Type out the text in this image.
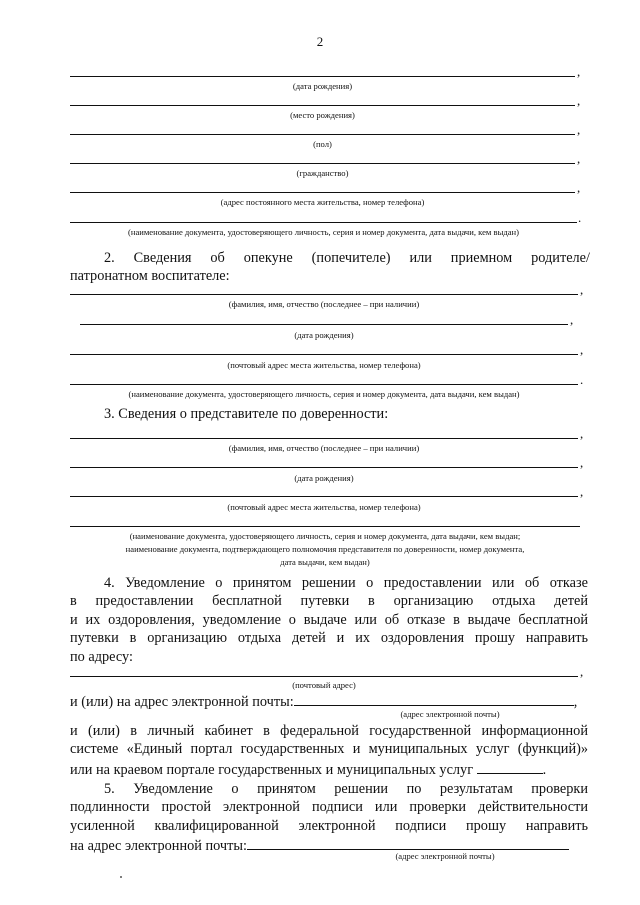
2
,
(дата рождения)
,
(место рождения)
,
(пол)
,
(гражданство)
,
(адрес постоянного места жительства, номер телефона)
.
(наименование документа, удостоверяющего личность, серия и номер документа, дата выдачи, кем выдан)
2. Сведения об опекуне (попечителе) или приемном родителе/
патронатном воспитателе:
,
(фамилия, имя, отчество (последнее – при наличии)
,
(дата рождения)
,
(почтовый адрес места жительства, номер телефона)
.
(наименование документа, удостоверяющего личность, серия и номер документа, дата выдачи, кем выдан)
3. Сведения о представителе по доверенности:
,
(фамилия, имя, отчество (последнее – при наличии)
,
(дата рождения)
,
(почтовый адрес места жительства, номер телефона)
(наименование документа, удостоверяющего личность, серия и номер документа, дата выдачи, кем выдан;
наименование документа, подтверждающего полномочия представителя по доверенности, номер документа,
дата выдачи, кем выдан)
4. Уведомление о принятом решении о предоставлении или об отказе
в предоставлении бесплатной путевки в организацию отдыха детей
и их оздоровления, уведомление о выдаче или об отказе в выдаче бесплатной
путевки в организацию отдыха детей и их оздоровления прошу направить
по адресу:
,
(почтовый адрес)
и (или) на адрес электронной почты:	,
(адрес электронной почты)
и (или) в личный кабинет в федеральной государственной информационной
системе «Единый портал государственных и муниципальных услуг (функций)»
или на краевом портале государственных и муниципальных услуг	.
5. Уведомление о принятом решении по результатам проверки
подлинности простой электронной подписи или проверки действительности
усиленной квалифицированной электронной подписи прошу направить
на адрес электронной почты:
(адрес электронной почты)
